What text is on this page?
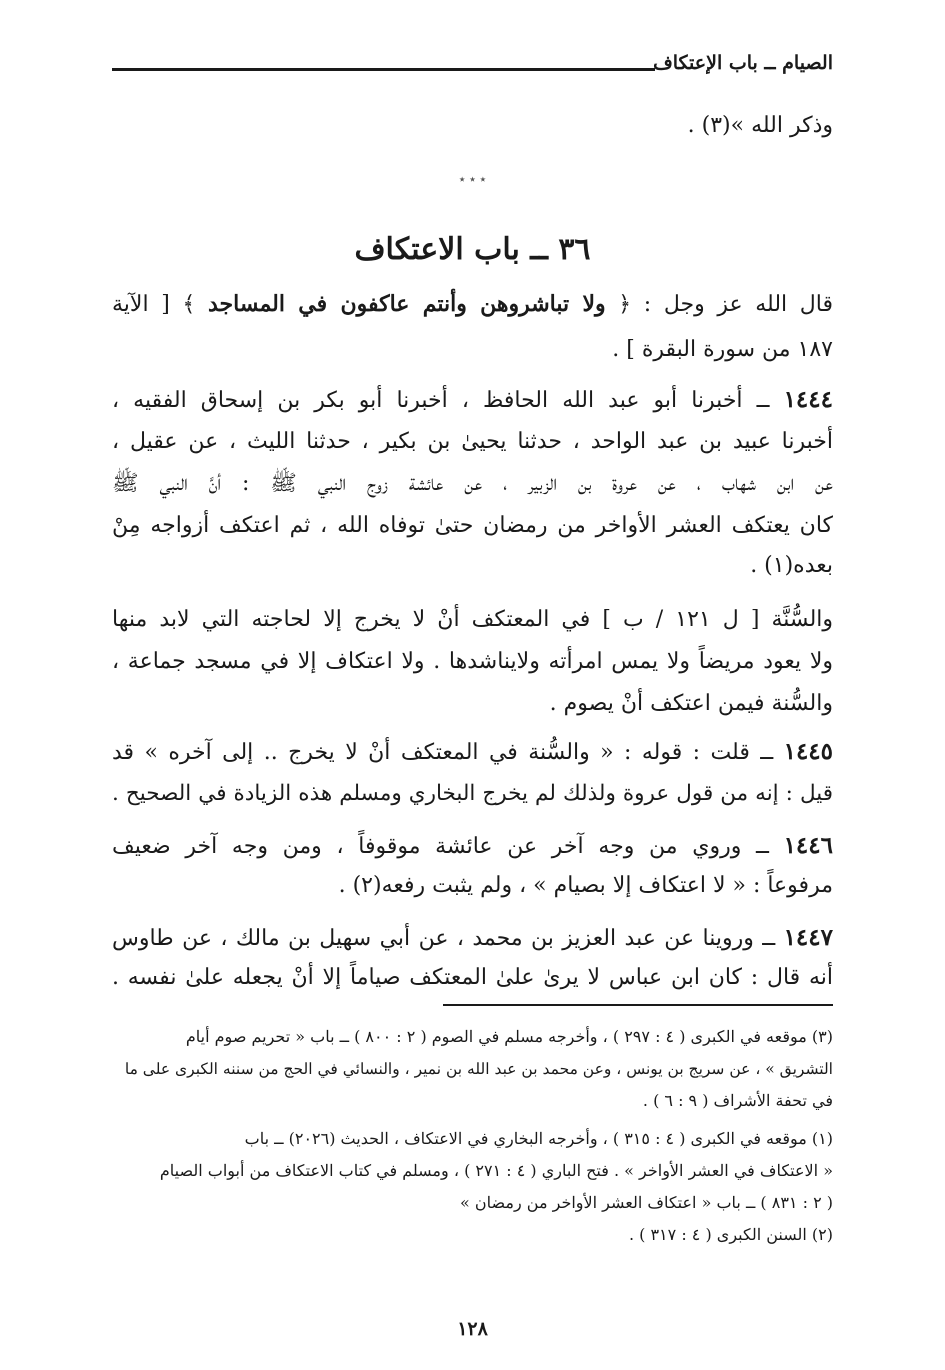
الصيام ــ باب الإعتكاف
وذكر الله »(٣) .
٭ ٭ ٭
٣٦ ــ باب الاعتكاف
قال الله عز وجل : ﴿ ولا تباشروهن وأنتم عاكفون في المساجد ﴾ [ الآية
١٨٧ من سورة البقرة ] .
١٤٤٤ ــ أخبرنا أبو عبد الله الحافظ ، أخبرنا أبو بكر بن إسحاق الفقيه ،
أخبرنا عبيد بن عبد الواحد ، حدثنا يحيىٰ بن بكير ، حدثنا الليث ، عن عقيل ،
عن ابن شهاب ، عن عروة بن الزبير ، عن عائشة زوج النبي ﷺ : أنَّ النبي ﷺ
كان يعتكف العشر الأواخر من رمضان حتىٰ توفاه الله ، ثم اعتكف أزواجه مِنْ
بعده(١) .
والسُّنَّة [ ل ١٢١ / ب ] في المعتكف أنْ لا يخرج إلا لحاجته التي لابد منها
ولا يعود مريضاً ولا يمس امرأته ولايناشدها . ولا اعتكاف إلا في مسجد جماعة ،
والسُّنة فيمن اعتكف أنْ يصوم .
١٤٤٥ ــ قلت : قوله : « والسُّنة في المعتكف أنْ لا يخرج .. إلى آخره » قد
قيل : إنه من قول عروة ولذلك لم يخرج البخاري ومسلم هذه الزيادة في الصحيح .
١٤٤٦ ــ وروي من وجه آخر عن عائشة موقوفاً ، ومن وجه آخر ضعيف
مرفوعاً : « لا اعتكاف إلا بصيام » ، ولم يثبت رفعه(٢) .
١٤٤٧ ــ وروينا عن عبد العزيز بن محمد ، عن أبي سهيل بن مالك ، عن طاوس
أنه قال : كان ابن عباس لا يرىٰ علىٰ المعتكف صياماً إلا أنْ يجعله علىٰ نفسه .
(٣) موقعه في الكبرى ( ٤ : ٢٩٧ ) ، وأخرجه مسلم في الصوم ( ٢ : ٨٠٠ ) ــ باب « تحريم صوم أيام
التشريق » ، عن سريج بن يونس ، وعن محمد بن عبد الله بن نمير ، والنسائي في الحج من سننه الكبرى على ما
في تحفة الأشراف ( ٩ : ٦ ) .
(١) موقعه في الكبرى ( ٤ : ٣١٥ ) ، وأخرجه البخاري في الاعتكاف ، الحديث (٢٠٢٦) ــ باب
« الاعتكاف في العشر الأواخر » . فتح الباري ( ٤ : ٢٧١ ) ، ومسلم في كتاب الاعتكاف من أبواب الصيام
( ٢ : ٨٣١ ) ــ باب « اعتكاف العشر الأواخر من رمضان »
(٢) السنن الكبرى ( ٤ : ٣١٧ ) .
١٢٨
